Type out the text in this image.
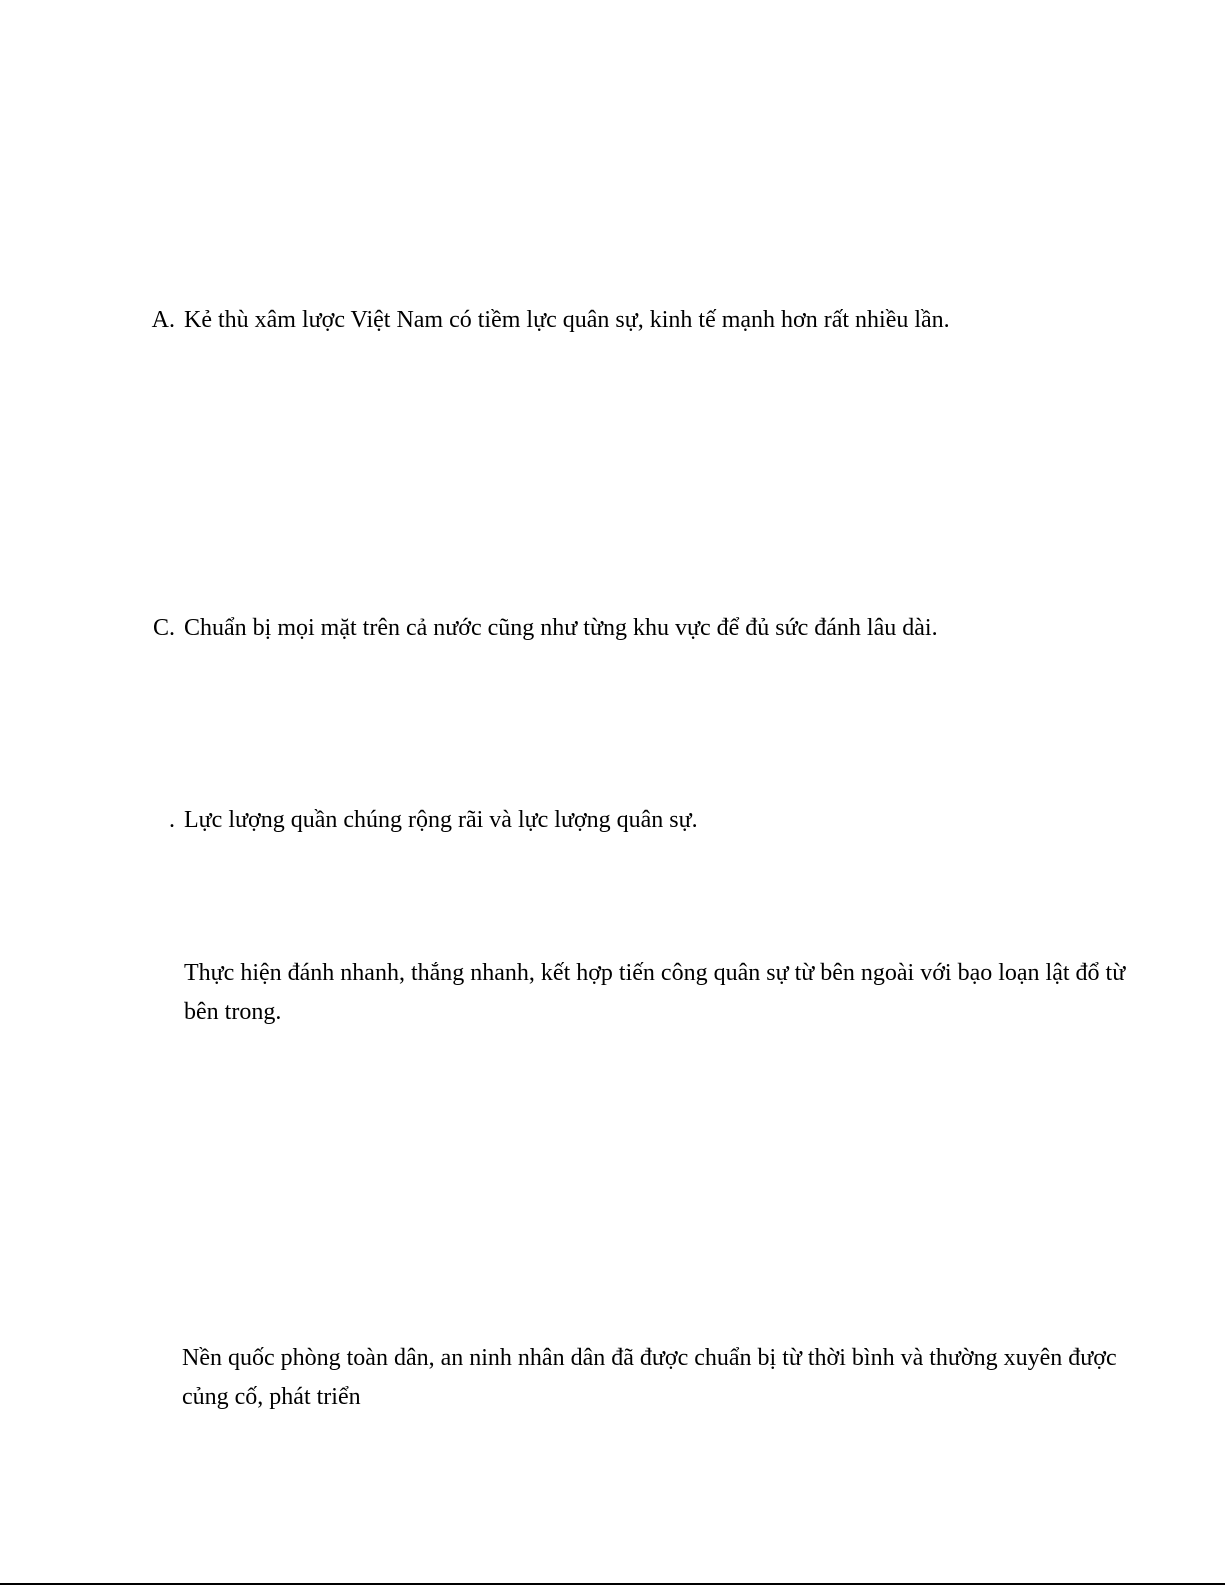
A. Kẻ thù xâm lược Việt Nam có tiềm lực quân sự, kinh tế mạnh hơn rất nhiều lần.
C. Chuẩn bị mọi mặt trên cả nước cũng như từng khu vực để đủ sức đánh lâu dài.
. Lực lượng quần chúng rộng rãi và lực lượng quân sự.
Thực hiện đánh nhanh, thắng nhanh, kết hợp tiến công quân sự từ bên ngoài với bạo loạn lật đổ từ bên trong.
Nền quốc phòng toàn dân, an ninh nhân dân đã được chuẩn bị từ thời bình và thường xuyên được củng cố, phát triển
